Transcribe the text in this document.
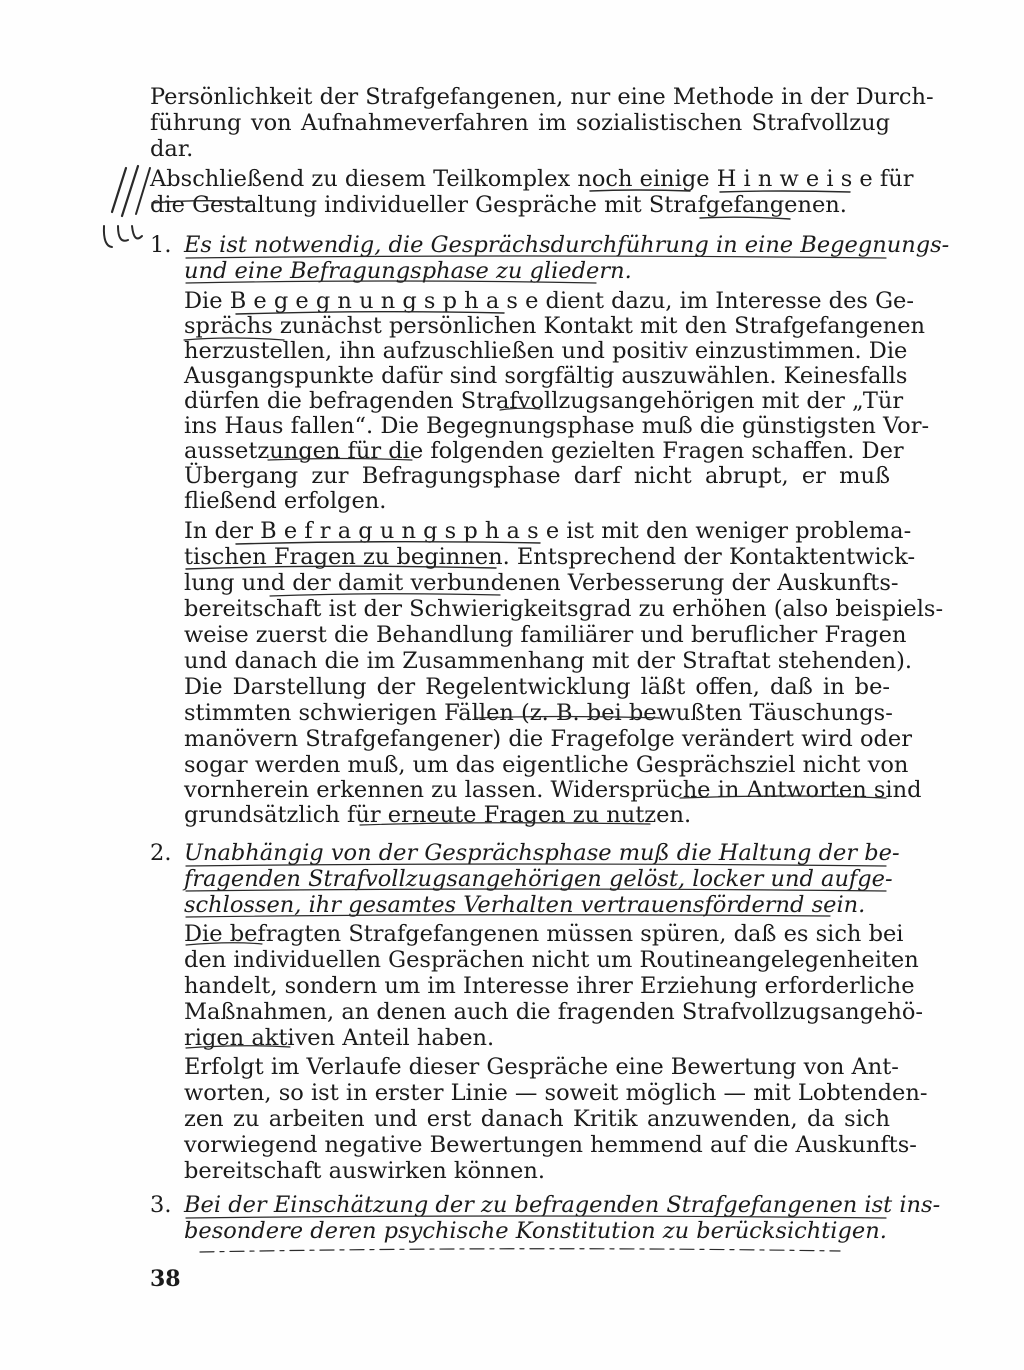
Persönlichkeit der Strafgefangenen, nur eine Methode in der Durch-
führung von Aufnahmeverfahren im sozialistischen Strafvollzug
dar.
Abschließend zu diesem Teilkomplex noch einige H i n w e i s e für
die Gestaltung individueller Gespräche mit Strafgefangenen.
1. Es ist notwendig, die Gesprächsdurchführung in eine Begegnungs-
und eine Befragungsphase zu gliedern.
Die B e g e g n u n g s p h a s e dient dazu, im Interesse des Ge-
sprächs zunächst persönlichen Kontakt mit den Strafgefangenen
herzustellen, ihn aufzuschließen und positiv einzustimmen. Die
Ausgangspunkte dafür sind sorgfältig auszuwählen. Keinesfalls
dürfen die befragenden Strafvollzugsangehörigen mit der „Tür
ins Haus fallen“. Die Begegnungsphase muß die günstigsten Vor-
aussetzungen für die folgenden gezielten Fragen schaffen. Der
Übergang zur Befragungsphase darf nicht abrupt, er muß
fließend erfolgen.
In der B e f r a g u n g s p h a s e ist mit den weniger problema-
tischen Fragen zu beginnen. Entsprechend der Kontaktentwick-
lung und der damit verbundenen Verbesserung der Auskunfts-
bereitschaft ist der Schwierigkeitsgrad zu erhöhen (also beispiels-
weise zuerst die Behandlung familiärer und beruflicher Fragen
und danach die im Zusammenhang mit der Straftat stehenden).
Die Darstellung der Regelentwicklung läßt offen, daß in be-
stimmten schwierigen Fällen (z. B. bei bewußten Täuschungs-
manövern Strafgefangener) die Fragefolge verändert wird oder
sogar werden muß, um das eigentliche Gesprächsziel nicht von
vornherein erkennen zu lassen. Widersprüche in Antworten sind
grundsätzlich für erneute Fragen zu nutzen.
2. Unabhängig von der Gesprächsphase muß die Haltung der be-
fragenden Strafvollzugsangehörigen gelöst, locker und aufge-
schlossen, ihr gesamtes Verhalten vertrauensfördernd sein.
Die befragten Strafgefangenen müssen spüren, daß es sich bei
den individuellen Gesprächen nicht um Routineangelegenheiten
handelt, sondern um im Interesse ihrer Erziehung erforderliche
Maßnahmen, an denen auch die fragenden Strafvollzugsangehö-
rigen aktiven Anteil haben.
Erfolgt im Verlaufe dieser Gespräche eine Bewertung von Ant-
worten, so ist in erster Linie — soweit möglich — mit Lobtenden-
zen zu arbeiten und erst danach Kritik anzuwenden, da sich
vorwiegend negative Bewertungen hemmend auf die Auskunfts-
bereitschaft auswirken können.
3. Bei der Einschätzung der zu befragenden Strafgefangenen ist ins-
besondere deren psychische Konstitution zu berücksichtigen.
38
